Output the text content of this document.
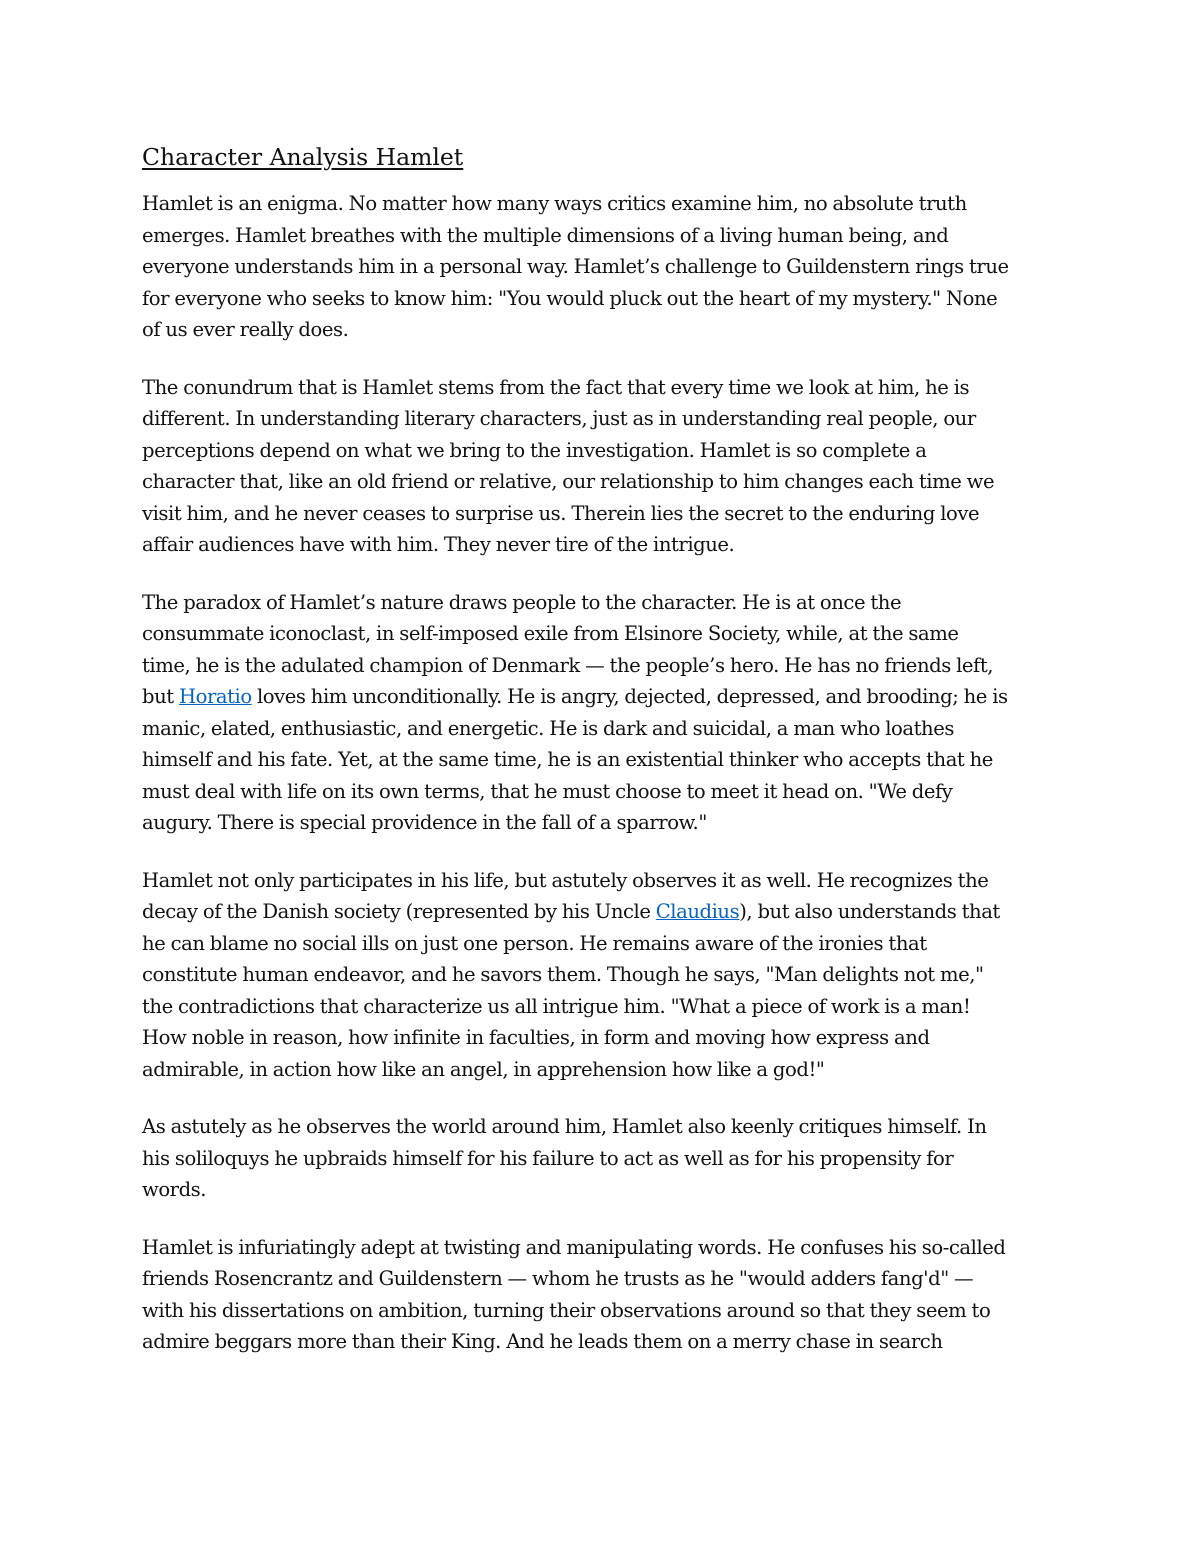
Character Analysis Hamlet

Hamlet is an enigma. No matter how many ways critics examine him, no absolute truth
emerges. Hamlet breathes with the multiple dimensions of a living human being, and
everyone understands him in a personal way. Hamlet’s challenge to Guildenstern rings true
for everyone who seeks to know him: "You would pluck out the heart of my mystery." None
of us ever really does.

The conundrum that is Hamlet stems from the fact that every time we look at him, he is
different. In understanding literary characters, just as in understanding real people, our
perceptions depend on what we bring to the investigation. Hamlet is so complete a
character that, like an old friend or relative, our relationship to him changes each time we
visit him, and he never ceases to surprise us. Therein lies the secret to the enduring love
affair audiences have with him. They never tire of the intrigue.

The paradox of Hamlet’s nature draws people to the character. He is at once the
consummate iconoclast, in self-imposed exile from Elsinore Society, while, at the same
time, he is the adulated champion of Denmark — the people’s hero. He has no friends left,
but Horatio loves him unconditionally. He is angry, dejected, depressed, and brooding; he is
manic, elated, enthusiastic, and energetic. He is dark and suicidal, a man who loathes
himself and his fate. Yet, at the same time, he is an existential thinker who accepts that he
must deal with life on its own terms, that he must choose to meet it head on. "We defy
augury. There is special providence in the fall of a sparrow."

Hamlet not only participates in his life, but astutely observes it as well. He recognizes the
decay of the Danish society (represented by his Uncle Claudius), but also understands that
he can blame no social ills on just one person. He remains aware of the ironies that
constitute human endeavor, and he savors them. Though he says, "Man delights not me,"
the contradictions that characterize us all intrigue him. "What a piece of work is a man!
How noble in reason, how infinite in faculties, in form and moving how express and
admirable, in action how like an angel, in apprehension how like a god!"

As astutely as he observes the world around him, Hamlet also keenly critiques himself. In
his soliloquys he upbraids himself for his failure to act as well as for his propensity for
words.

Hamlet is infuriatingly adept at twisting and manipulating words. He confuses his so-called
friends Rosencrantz and Guildenstern — whom he trusts as he "would adders fang'd" —
with his dissertations on ambition, turning their observations around so that they seem to
admire beggars more than their King. And he leads them on a merry chase in search
